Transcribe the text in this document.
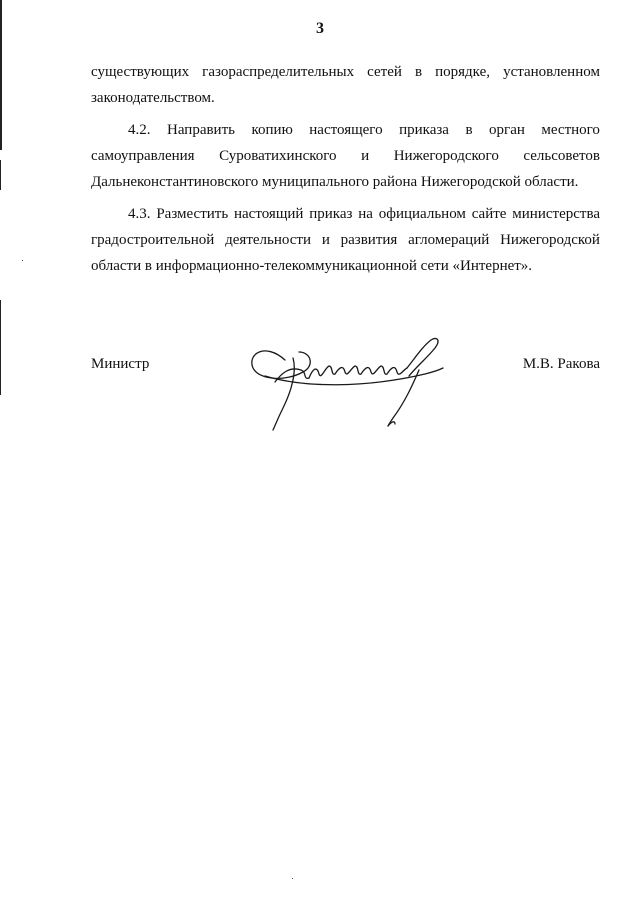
3
существующих газораспределительных сетей в порядке, установленном
законодательством.
4.2. Направить копию настоящего приказа в орган местного
самоуправления Суроватихинского и Нижегородского сельсоветов
Дальнеконстантиновского муниципального района Нижегородской области.
4.3. Разместить настоящий приказ на официальном сайте министерства
градостроительной деятельности и развития агломераций Нижегородской
области в информационно-телекоммуникационной сети «Интернет».
Министр	М.В. Ракова
